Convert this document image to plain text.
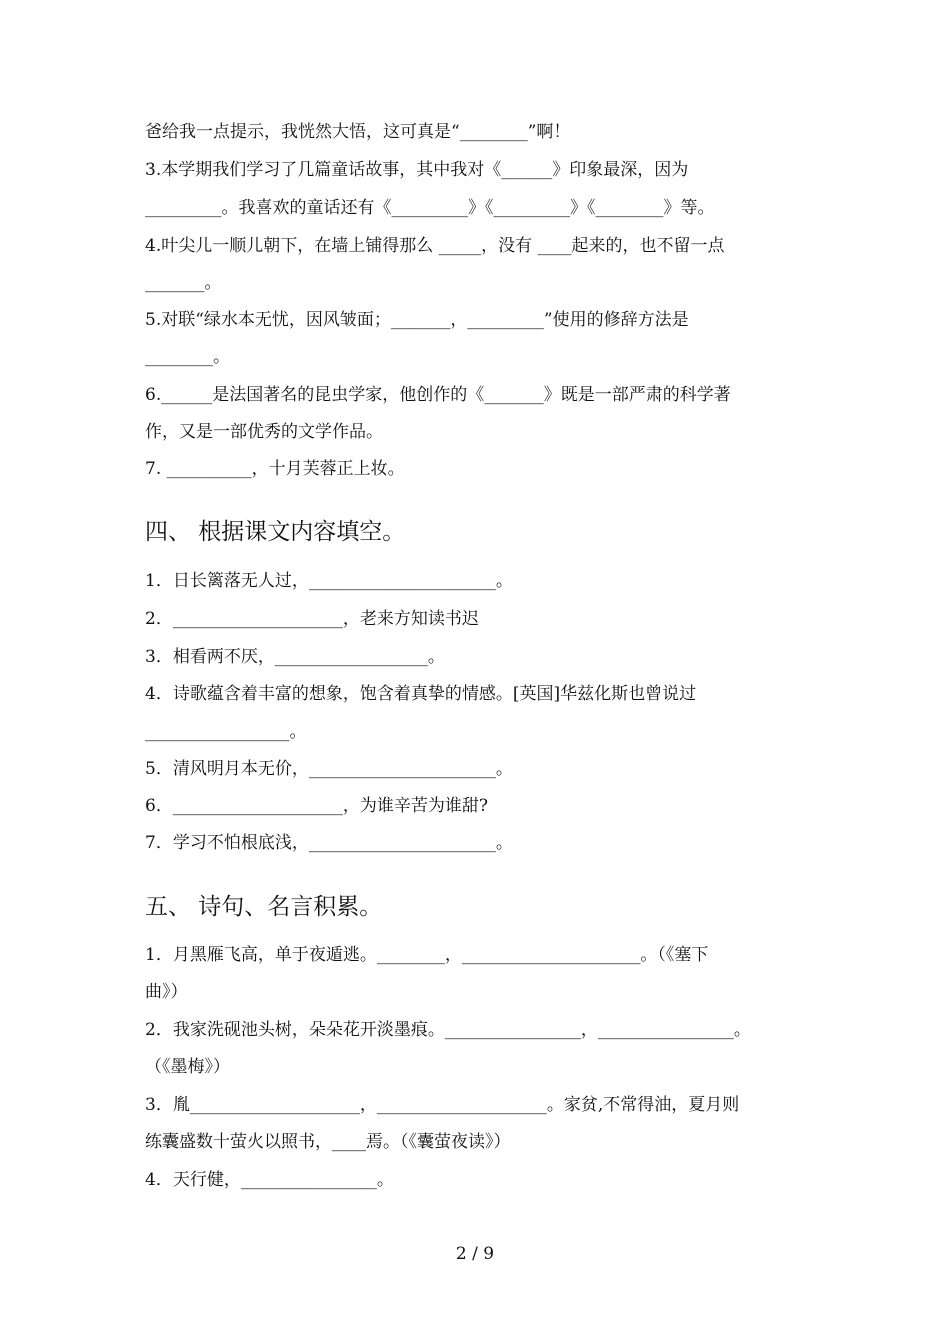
爸给我一点提示，我恍然大悟，这可真是“________”啊！
3.本学期我们学习了几篇童话故事，其中我对《______》印象最深，因为
_________。我喜欢的童话还有《_________》《_________》《________》等。
4.叶尖儿一顺儿朝下，在墙上铺得那么 _____，没有 ____起来的，也不留一点
_______。
5.对联“绿水本无忧，因风皱面；_______，_________”使用的修辞方法是
________。
6.______是法国著名的昆虫学家，他创作的《_______》既是一部严肃的科学著
作，又是一部优秀的文学作品。
7. __________，十月芙蓉正上妆。
四、 根据课文内容填空。
1．日长篱落无人过，______________________。
2．____________________，老来方知读书迟
3．相看两不厌，__________________。
4．诗歌蕴含着丰富的想象，饱含着真挚的情感。[英国]华兹化斯也曾说过
_________________。
5．清风明月本无价，______________________。
6．____________________，为谁辛苦为谁甜?
7．学习不怕根底浅，______________________。
五、 诗句、名言积累。
1．月黑雁飞高，单于夜遁逃。________，_____________________。（《塞下
曲》）
2．我家洗砚池头树，朵朵花开淡墨痕。________________，________________。
（《墨梅》）
3．胤____________________，____________________。家贫,不常得油，夏月则
练囊盛数十萤火以照书，____焉。（《囊萤夜读》）
4．天行健，________________。
2 / 9
